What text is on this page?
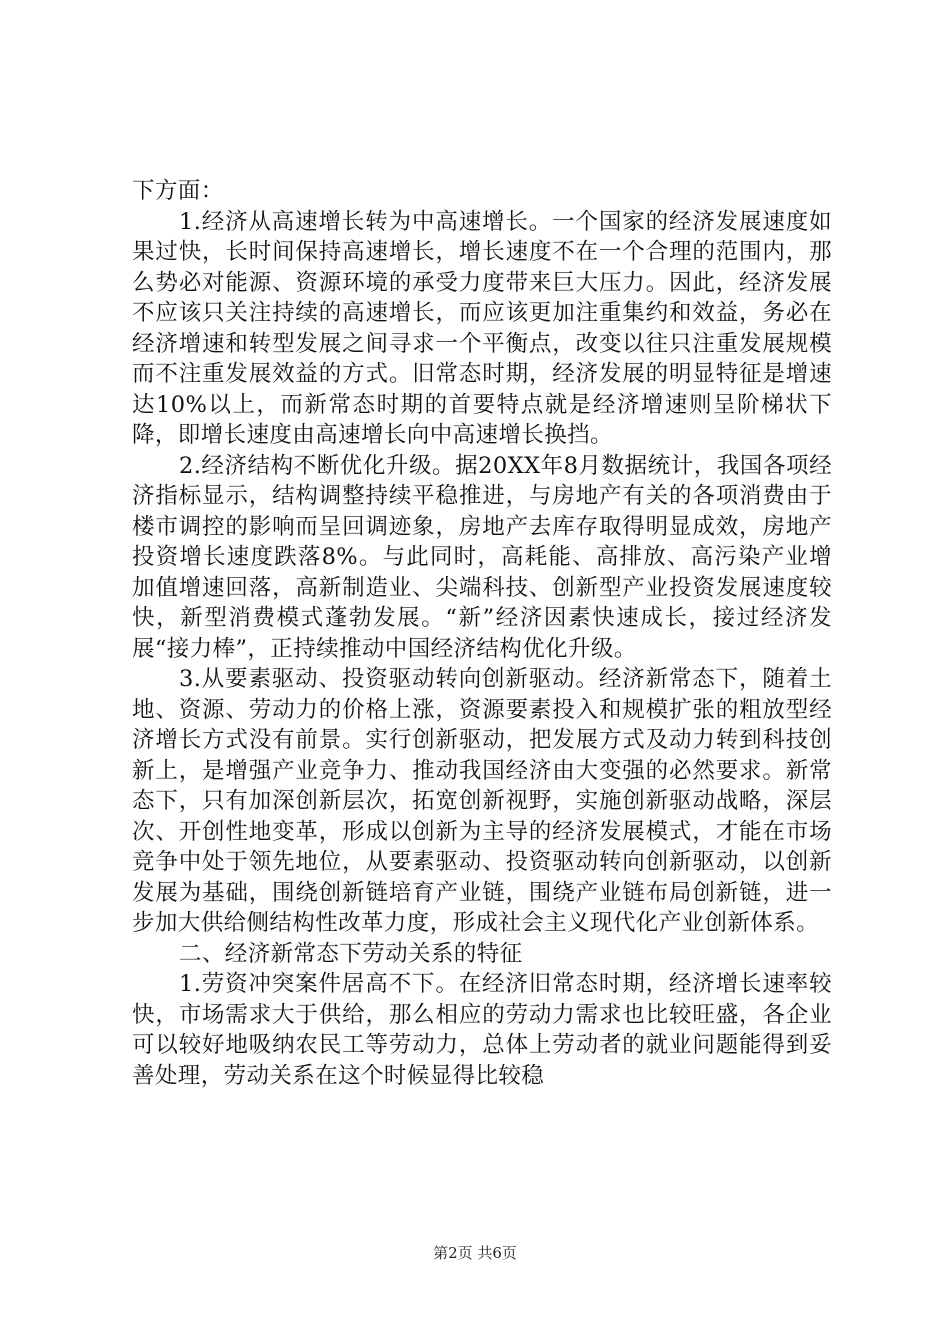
下方面：

1.经济从高速增长转为中高速增长。一个国家的经济发展速度如果过快，长时间保持高速增长，增长速度不在一个合理的范围内，那么势必对能源、资源环境的承受力度带来巨大压力。因此，经济发展不应该只关注持续的高速增长，而应该更加注重集约和效益，务必在经济增速和转型发展之间寻求一个平衡点，改变以往只注重发展规模而不注重发展效益的方式。旧常态时期，经济发展的明显特征是增速达10%以上，而新常态时期的首要特点就是经济增速则呈阶梯状下降，即增长速度由高速增长向中高速增长换挡。

2.经济结构不断优化升级。据20XX年8月数据统计，我国各项经济指标显示，结构调整持续平稳推进，与房地产有关的各项消费由于楼市调控的影响而呈回调迹象，房地产去库存取得明显成效，房地产投资增长速度跌落8%。与此同时，高耗能、高排放、高污染产业增加值增速回落，高新制造业、尖端科技、创新型产业投资发展速度较快，新型消费模式蓬勃发展。“新”经济因素快速成长，接过经济发展“接力棒”，正持续推动中国经济结构优化升级。

3.从要素驱动、投资驱动转向创新驱动。经济新常态下，随着土地、资源、劳动力的价格上涨，资源要素投入和规模扩张的粗放型经济增长方式没有前景。实行创新驱动，把发展方式及动力转到科技创新上，是增强产业竞争力、推动我国经济由大变强的必然要求。新常态下，只有加深创新层次，拓宽创新视野，实施创新驱动战略，深层次、开创性地变革，形成以创新为主导的经济发展模式，才能在市场竞争中处于领先地位，从要素驱动、投资驱动转向创新驱动，以创新发展为基础，围绕创新链培育产业链，围绕产业链布局创新链，进一步加大供给侧结构性改革力度，形成社会主义现代化产业创新体系。

二、经济新常态下劳动关系的特征

1.劳资冲突案件居高不下。在经济旧常态时期，经济增长速率较快，市场需求大于供给，那么相应的劳动力需求也比较旺盛，各企业可以较好地吸纳农民工等劳动力，总体上劳动者的就业问题能得到妥善处理，劳动关系在这个时候显得比较稳

第2页 共6页
